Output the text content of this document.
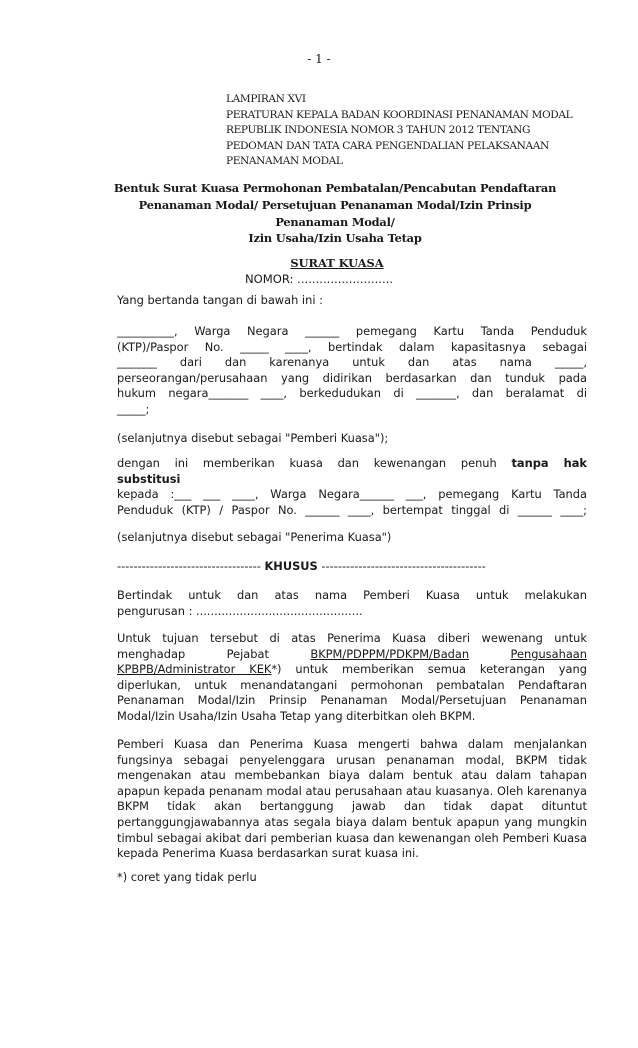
- 1 -
LAMPIRAN XVI
PERATURAN KEPALA BADAN KOORDINASI PENANAMAN MODAL
REPUBLIK INDONESIA NOMOR 3 TAHUN 2012 TENTANG
PEDOMAN DAN TATA CARA PENGENDALIAN PELAKSANAAN
PENANAMAN MODAL
Bentuk Surat Kuasa Permohonan Pembatalan/Pencabutan Pendaftaran
Penanaman Modal/ Persetujuan Penanaman Modal/Izin Prinsip
Penanaman Modal/
Izin Usaha/Izin Usaha Tetap
SURAT KUASA
NOMOR: ..........................
Yang bertanda tangan di bawah ini :
__________, Warga Negara ______ pemegang Kartu Tanda Penduduk
(KTP)/Paspor No. _____ ____, bertindak dalam kapasitasnya sebagai
_______ dari dan karenanya untuk dan atas nama _____,
perseorangan/perusahaan yang didirikan berdasarkan dan tunduk pada
hukum negara_______ ____, berkedudukan di _______, dan beralamat di
_____;
(selanjutnya disebut sebagai "Pemberi Kuasa");
dengan ini memberikan kuasa dan kewenangan penuh tanpa hak
substitusi
kepada :___ ___ ____, Warga Negara______ ___, pemegang Kartu Tanda
Penduduk (KTP) / Paspor No. ______ ____, bertempat tinggal di ______ ____;
(selanjutnya disebut sebagai "Penerima Kuasa")
----------------------------------- KHUSUS ----------------------------------------
Bertindak untuk dan atas nama Pemberi Kuasa untuk melakukan
pengurusan : ..............................................
Untuk tujuan tersebut di atas Penerima Kuasa diberi wewenang untuk
menghadap	Pejabat	BKPM/PDPPM/PDKPM/Badan	Pengusahaan
KPBPB/Administrator KEK*) untuk memberikan semua keterangan yang
diperlukan, untuk menandatangani permohonan pembatalan Pendaftaran Penanaman Modal/Izin Prinsip Penanaman Modal/Persetujuan Penanaman Modal/Izin Usaha/Izin Usaha Tetap yang diterbitkan oleh BKPM.
Pemberi Kuasa dan Penerima Kuasa mengerti bahwa dalam menjalankan fungsinya sebagai penyelenggara urusan penanaman modal, BKPM tidak mengenakan atau membebankan biaya dalam bentuk atau dalam tahapan apapun kepada penanam modal atau perusahaan atau kuasanya. Oleh karenanya BKPM tidak akan bertanggung jawab dan tidak dapat dituntut pertanggungjawabannya atas segala biaya dalam bentuk apapun yang mungkin timbul sebagai akibat dari pemberian kuasa dan kewenangan oleh Pemberi Kuasa kepada Penerima Kuasa berdasarkan surat kuasa ini.
*) coret yang tidak perlu
